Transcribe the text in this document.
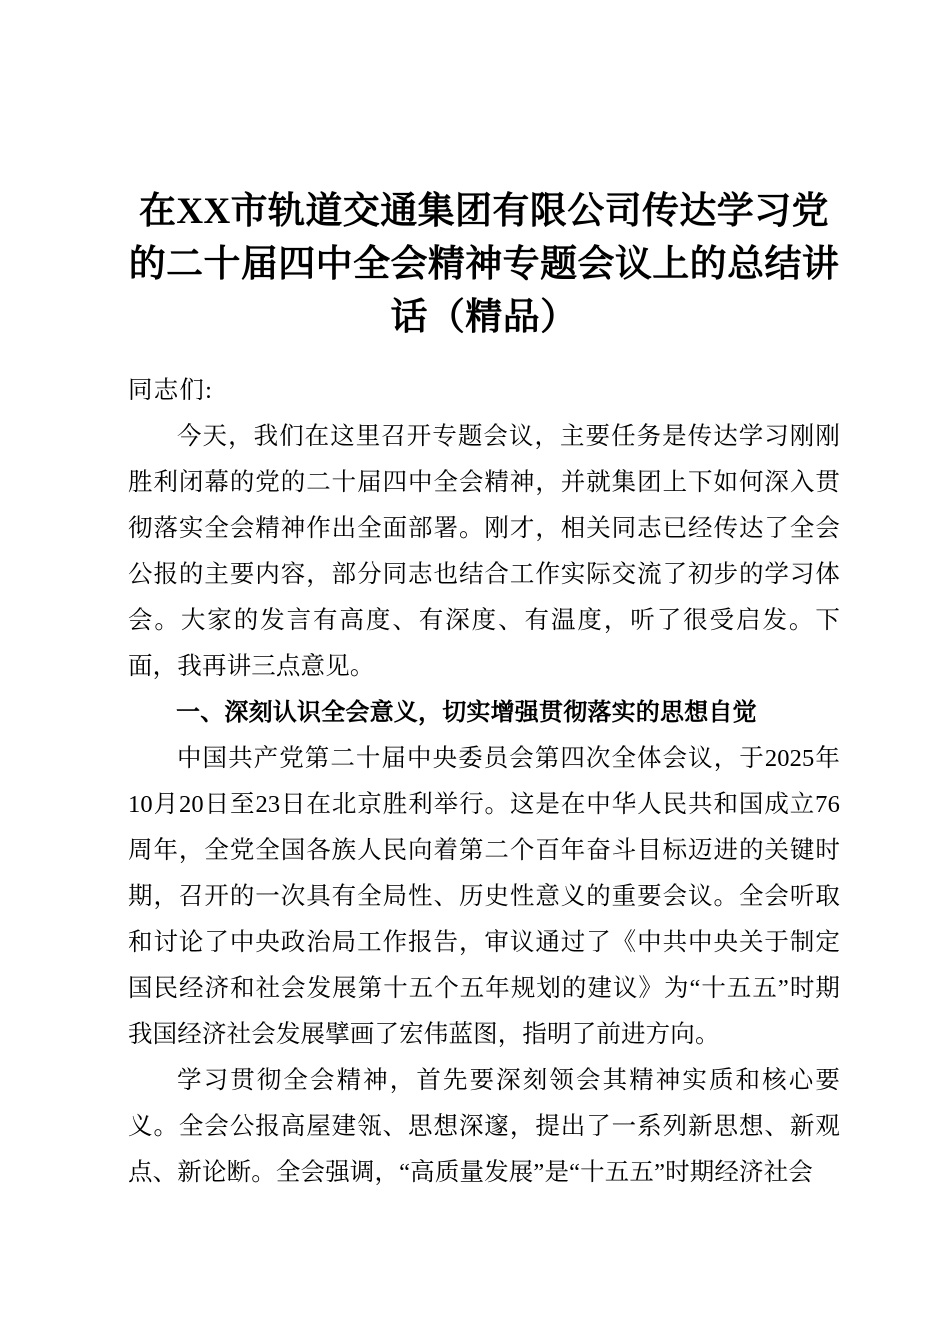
在XX市轨道交通集团有限公司传达学习党的二十届四中全会精神专题会议上的总结讲话（精品）

同志们:

今天，我们在这里召开专题会议，主要任务是传达学习刚刚胜利闭幕的党的二十届四中全会精神，并就集团上下如何深入贯彻落实全会精神作出全面部署。刚才，相关同志已经传达了全会公报的主要内容，部分同志也结合工作实际交流了初步的学习体会。大家的发言有高度、有深度、有温度，听了很受启发。下面，我再讲三点意见。

一、深刻认识全会意义，切实增强贯彻落实的思想自觉

中国共产党第二十届中央委员会第四次全体会议，于2025年10月20日至23日在北京胜利举行。这是在中华人民共和国成立76周年，全党全国各族人民向着第二个百年奋斗目标迈进的关键时期，召开的一次具有全局性、历史性意义的重要会议。全会听取和讨论了中央政治局工作报告，审议通过了《中共中央关于制定国民经济和社会发展第十五个五年规划的建议》为“十五五”时期我国经济社会发展擘画了宏伟蓝图，指明了前进方向。

学习贯彻全会精神，首先要深刻领会其精神实质和核心要义。全会公报高屋建瓴、思想深邃，提出了一系列新思想、新观点、新论断。全会强调，“高质量发展”是“十五五”时期经济社会
